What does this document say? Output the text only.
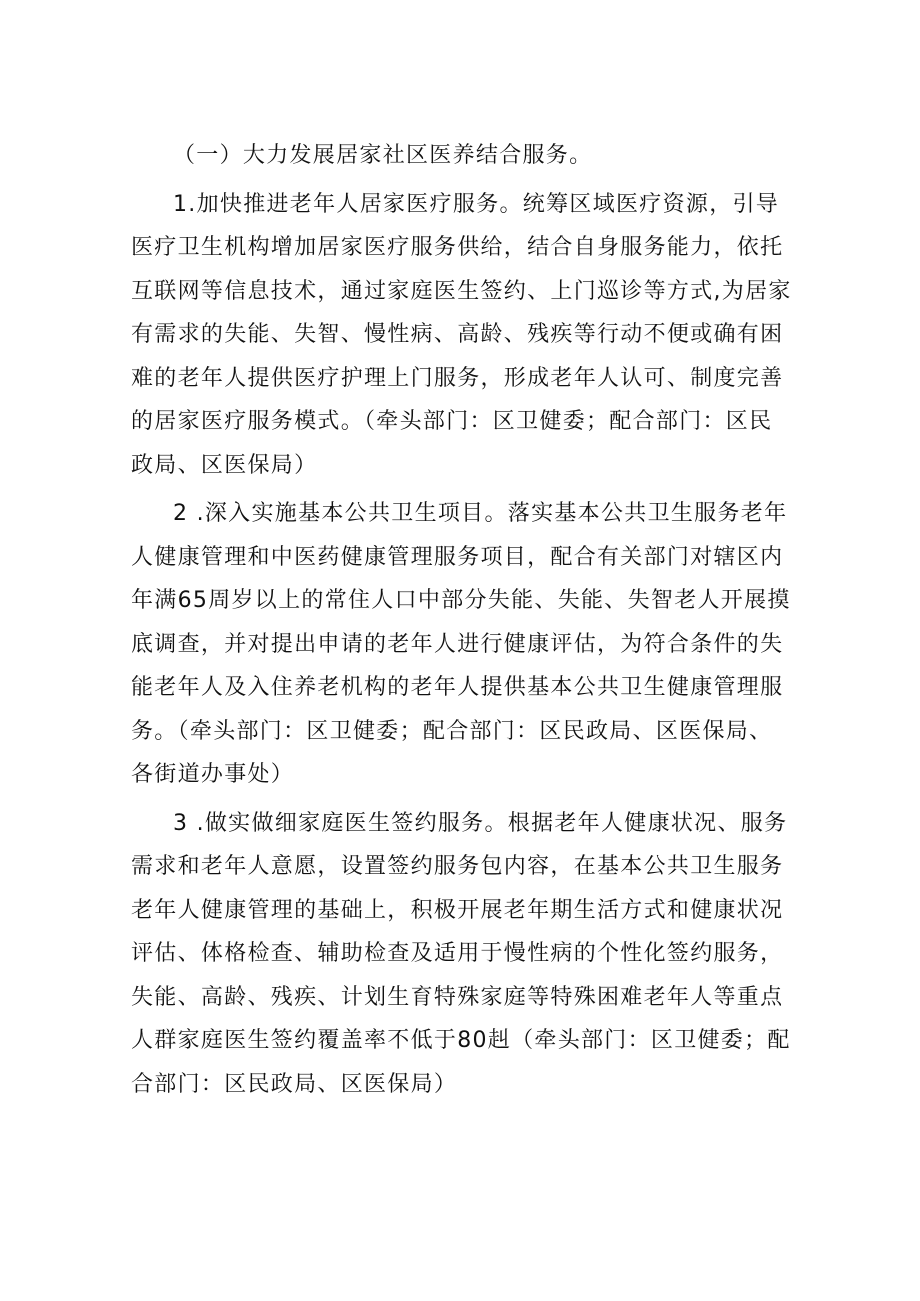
（一）大力发展居家社区医养结合服务。
1.加快推进老年人居家医疗服务。统筹区域医疗资源，引导
医疗卫生机构增加居家医疗服务供给，结合自身服务能力，依托
互联网等信息技术，通过家庭医生签约、上门巡诊等方式,为居家
有需求的失能、失智、慢性病、高龄、残疾等行动不便或确有困
难的老年人提供医疗护理上门服务，形成老年人认可、制度完善
的居家医疗服务模式。（牵头部门：区卫健委；配合部门：区民
政局、区医保局）
2 .深入实施基本公共卫生项目。落实基本公共卫生服务老年
人健康管理和中医药健康管理服务项目，配合有关部门对辖区内
年满65周岁以上的常住人口中部分失能、失能、失智老人开展摸
底调查，并对提出申请的老年人进行健康评估，为符合条件的失
能老年人及入住养老机构的老年人提供基本公共卫生健康管理服
务。（牵头部门：区卫健委；配合部门：区民政局、区医保局、
各街道办事处）
3 .做实做细家庭医生签约服务。根据老年人健康状况、服务
需求和老年人意愿，设置签约服务包内容，在基本公共卫生服务
老年人健康管理的基础上，积极开展老年期生活方式和健康状况
评估、体格检查、辅助检查及适用于慢性病的个性化签约服务，
失能、高龄、残疾、计划生育特殊家庭等特殊困难老年人等重点
人群家庭医生签约覆盖率不低于80赳（牵头部门：区卫健委；配
合部门：区民政局、区医保局）
